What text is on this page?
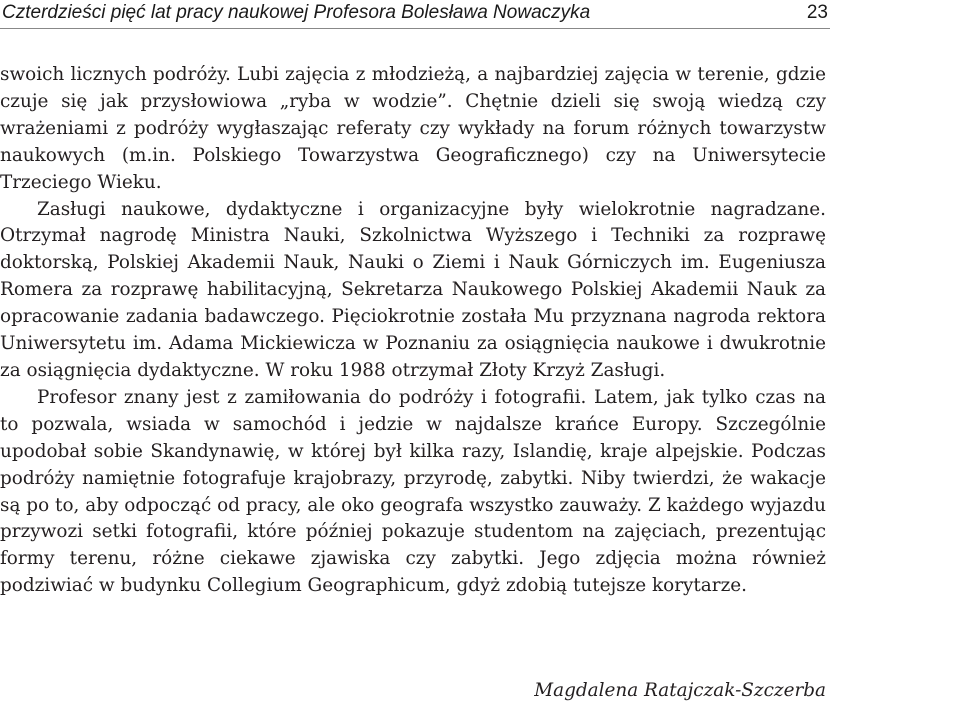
Czterdzieści pięć lat pracy naukowej Profesora Bolesława Nowaczyka	23

swoich licznych podróży. Lubi zajęcia z młodzieżą, a najbardziej zajęcia w terenie, gdzie czuje się jak przysłowiowa „ryba w wodzie”. Chętnie dzieli się swoją wiedzą czy wrażeniami z podróży wygłaszając referaty czy wykłady na forum różnych towarzystw naukowych (m.in. Polskiego Towarzystwa Geograficznego) czy na Uniwersytecie Trzeciego Wieku.

Zasługi naukowe, dydaktyczne i organizacyjne były wielokrotnie nagradzane. Otrzymał nagrodę Ministra Nauki, Szkolnictwa Wyższego i Techniki za rozprawę doktorską, Polskiej Akademii Nauk, Nauki o Ziemi i Nauk Górniczych im. Eugeniusza Romera za rozprawę habilitacyjną, Sekretarza Naukowego Polskiej Akademii Nauk za opracowanie zadania badawczego. Pięciokrotnie została Mu przyznana nagroda rektora Uniwersytetu im. Adama Mickiewicza w Poznaniu za osiągnięcia naukowe i dwukrotnie za osiągnięcia dydaktyczne. W roku 1988 otrzymał Złoty Krzyż Zasługi.

Profesor znany jest z zamiłowania do podróży i fotografii. Latem, jak tylko czas na to pozwala, wsiada w samochód i jedzie w najdalsze krańce Europy. Szczególnie upodobał sobie Skandynawię, w której był kilka razy, Islandię, kraje alpejskie. Podczas podróży namiętnie fotografuje krajobrazy, przyrodę, zabytki. Niby twierdzi, że wakacje są po to, aby odpocząć od pracy, ale oko geografa wszystko zauważy. Z każdego wyjazdu przywozi setki fotografii, które później pokazuje studentom na zajęciach, prezentując formy terenu, różne ciekawe zjawiska czy zabytki. Jego zdjęcia można również podziwiać w budynku Collegium Geographicum, gdyż zdobią tutejsze korytarze.

Magdalena Ratajczak-Szczerba
